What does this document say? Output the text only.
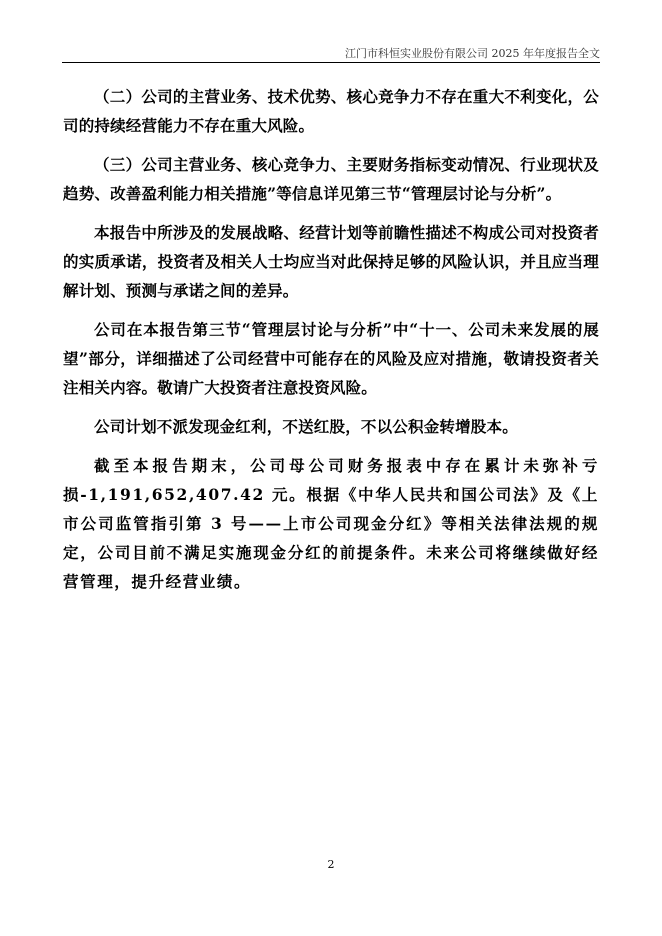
江门市科恒实业股份有限公司 2025 年年度报告全文

（二）公司的主营业务、技术优势、核心竞争力不存在重大不利变化，公司的持续经营能力不存在重大风险。

（三）公司主营业务、核心竞争力、主要财务指标变动情况、行业现状及趋势、改善盈利能力相关措施”等信息详见第三节“管理层讨论与分析”。

本报告中所涉及的发展战略、经营计划等前瞻性描述不构成公司对投资者的实质承诺，投资者及相关人士均应当对此保持足够的风险认识，并且应当理解计划、预测与承诺之间的差异。

公司在本报告第三节“管理层讨论与分析”中“十一、公司未来发展的展望”部分，详细描述了公司经营中可能存在的风险及应对措施，敬请投资者关注相关内容。敬请广大投资者注意投资风险。

公司计划不派发现金红利，不送红股，不以公积金转增股本。

截至本报告期末，公司母公司财务报表中存在累计未弥补亏损-1,191,652,407.42 元。根据《中华人民共和国公司法》及《上市公司监管指引第 3 号——上市公司现金分红》等相关法律法规的规定，公司目前不满足实施现金分红的前提条件。未来公司将继续做好经营管理，提升经营业绩。

2
